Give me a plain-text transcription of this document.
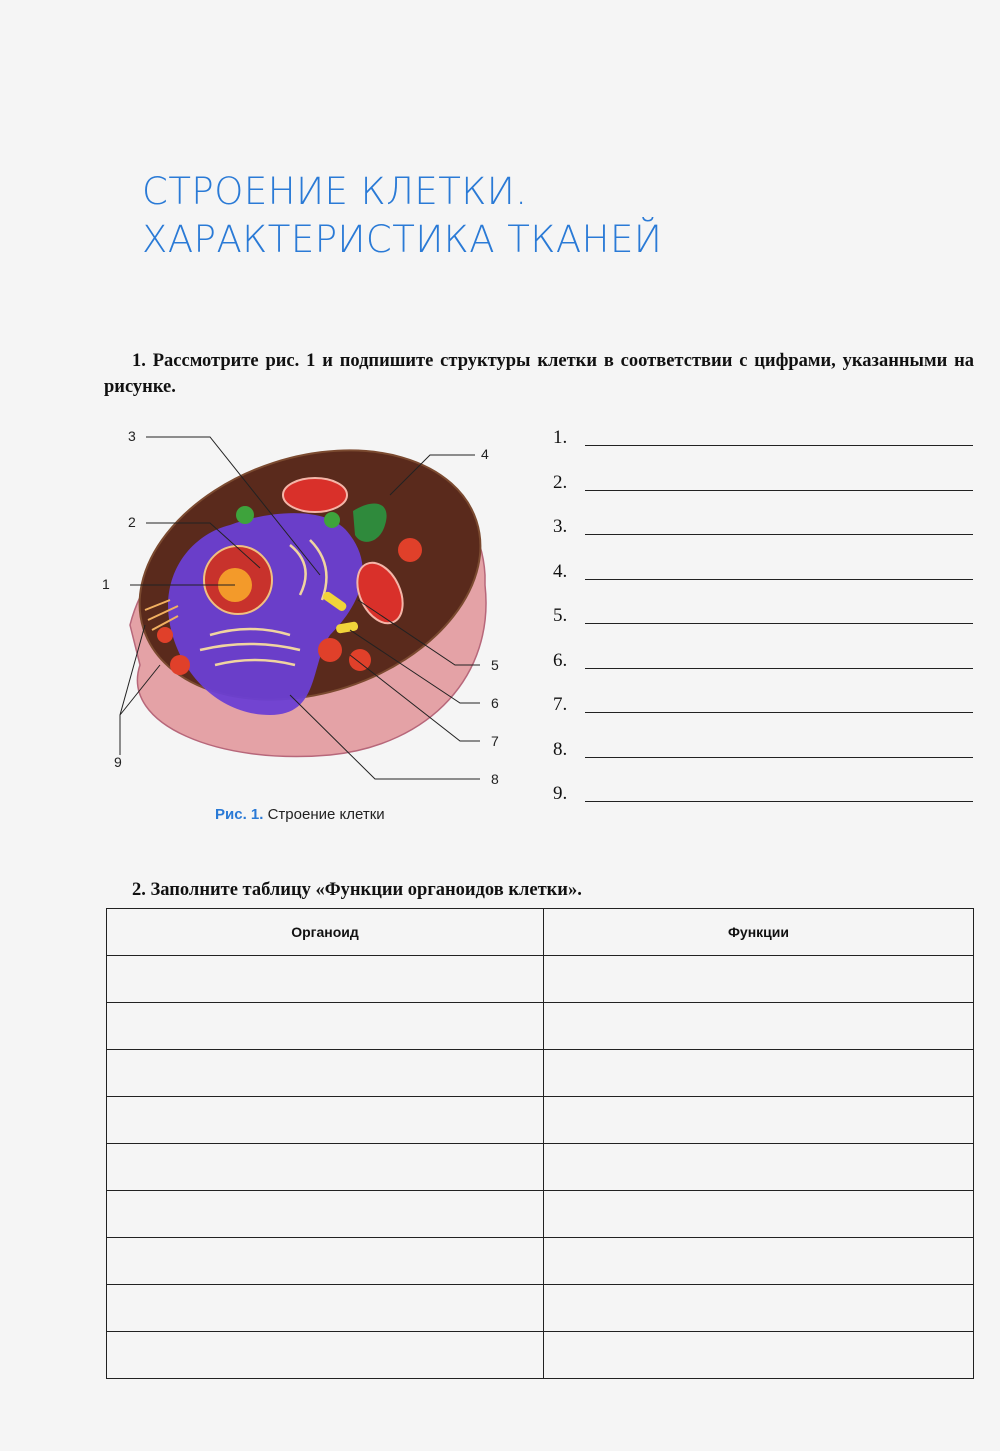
СТРОЕНИЕ КЛЕТКИ.
ХАРАКТЕРИСТИКА ТКАНЕЙ
1. Рассмотрите рис. 1 и подпишите структуры клетки в соответствии с цифрами, указанными на рисунке.
1
2
3
4
5
6
7
8
9
Рис. 1. Строение клетки
1.
2.
3.
4.
5.
6.
7.
8.
9.
2. Заполните таблицу «Функции органоидов клетки».
Органоид	Функции
